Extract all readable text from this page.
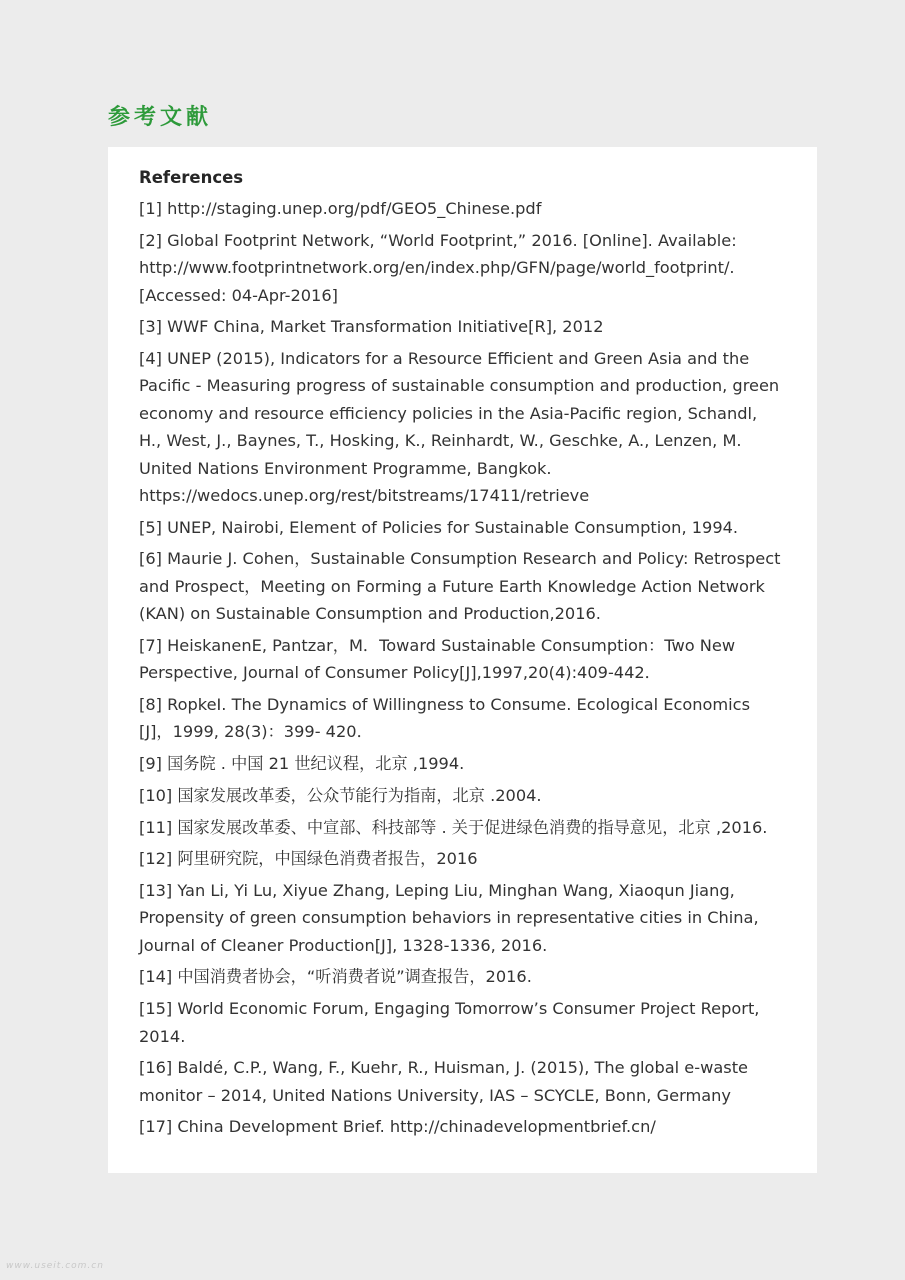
参考文献
References
[1] http://staging.unep.org/pdf/GEO5_Chinese.pdf
[2] Global Footprint Network, “World Footprint,” 2016. [Online]. Available: http://www.footprintnetwork.org/en/index.php/GFN/page/world_footprint/. [Accessed: 04-Apr-2016]
[3] WWF China, Market Transformation Initiative[R], 2012
[4] UNEP (2015), Indicators for a Resource Efficient and Green Asia and the Pacific - Measuring progress of sustainable consumption and production, green economy and resource efficiency policies in the Asia-Pacific region, Schandl, H., West, J., Baynes, T., Hosking, K., Reinhardt, W., Geschke, A., Lenzen, M. United Nations Environment Programme, Bangkok. https://wedocs.unep.org/rest/bitstreams/17411/retrieve
[5] UNEP, Nairobi, Element of Policies for Sustainable Consumption, 1994.
[6] Maurie J. Cohen，Sustainable Consumption Research and Policy: Retrospect and Prospect，Meeting on Forming a Future Earth Knowledge Action Network (KAN) on Sustainable Consumption and Production,2016.
[7] HeiskanenE, Pantzar，M．Toward Sustainable Consumption：Two New Perspective, Journal of Consumer Policy[J],1997,20(4):409-442．
[8] RopkeI. The Dynamics of Willingness to Consume. Ecological Economics [J]，1999, 28(3)：399- 420．
[9] 国务院 . 中国 21 世纪议程，北京 ,1994.
[10] 国家发展改革委，公众节能行为指南，北京 .2004.
[11] 国家发展改革委、中宣部、科技部等 . 关于促进绿色消费的指导意见，北京 ,2016.
[12] 阿里研究院，中国绿色消费者报告，2016
[13] Yan Li, Yi Lu, Xiyue Zhang, Leping Liu, Minghan Wang, Xiaoqun Jiang, Propensity of green consumption behaviors in representative cities in China, Journal of Cleaner Production[J], 1328-1336, 2016.
[14] 中国消费者协会，“听消费者说”调查报告，2016.
[15] World Economic Forum, Engaging Tomorrow’s Consumer Project Report, 2014.
[16] Baldé, C.P., Wang, F., Kuehr, R., Huisman, J. (2015), The global e-waste monitor – 2014, United Nations University, IAS – SCYCLE, Bonn, Germany
[17] China Development Brief. http://chinadevelopmentbrief.cn/
www.useit.com.cn
